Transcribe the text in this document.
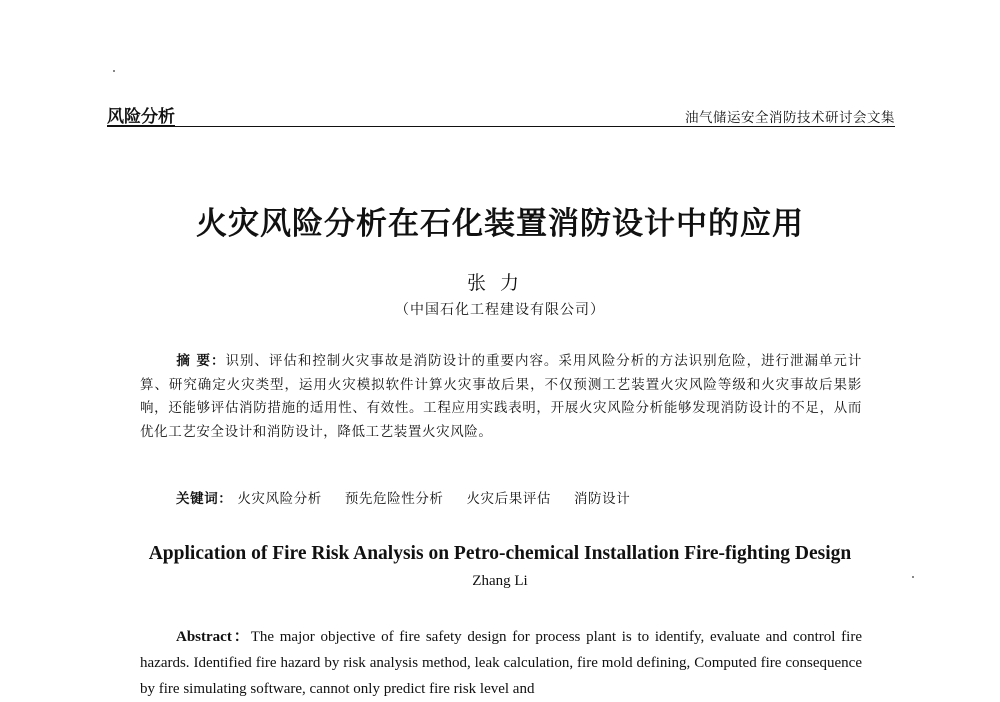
风险分析	油气储运安全消防技术研讨会文集
火灾风险分析在石化装置消防设计中的应用
张力
（中国石化工程建设有限公司）
摘 要：识别、评估和控制火灾事故是消防设计的重要内容。采用风险分析的方法识别危险，进行泄漏单元计算、研究确定火灾类型，运用火灾模拟软件计算火灾事故后果，不仅预测工艺装置火灾风险等级和火灾事故后果影响，还能够评估消防措施的适用性、有效性。工程应用实践表明，开展火灾风险分析能够发现消防设计的不足，从而优化工艺安全设计和消防设计，降低工艺装置火灾风险。
关键词： 火灾风险分析 预先危险性分析 火灾后果评估 消防设计
Application of Fire Risk Analysis on Petro-chemical Installation Fire-fighting Design
Zhang Li
Abstract：The major objective of fire safety design for process plant is to identify, evaluate and control fire hazards. Identified fire hazard by risk analysis method, leak calculation, fire mold defining, Computed fire consequence by fire simulating software, cannot only predict fire risk level and
